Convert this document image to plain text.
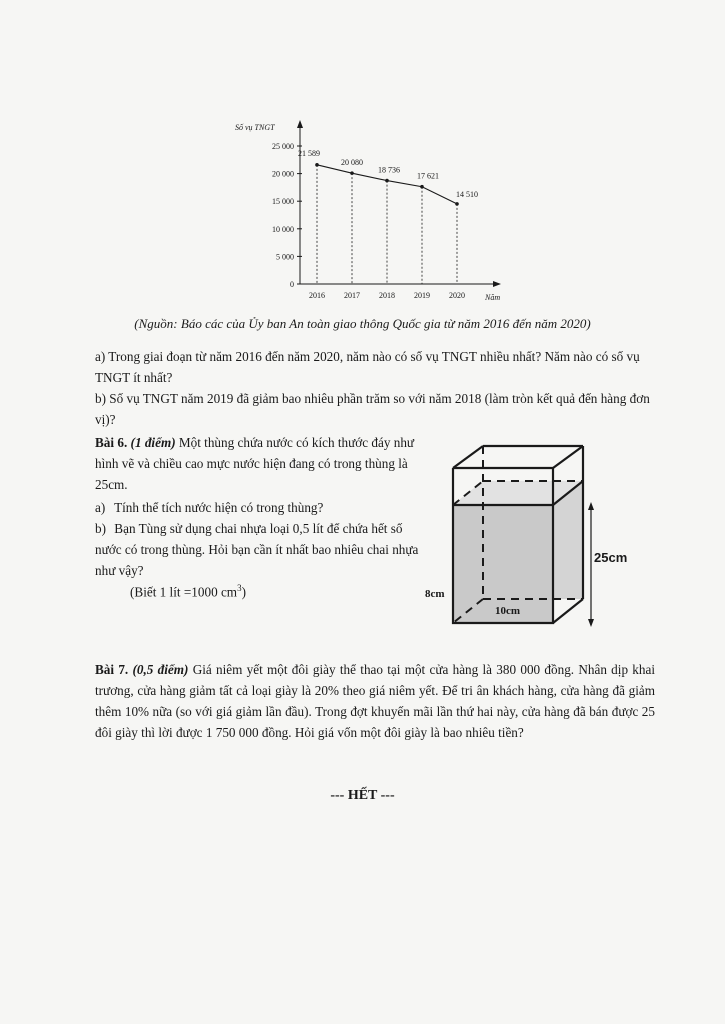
Số vụ TNGT
Năm
0
5 000
10 000
15 000
20 000
25 000
2016 2017 2018 2019 2020
21 589
20 080
18 736
17 621
14 510
(Nguồn: Báo các của Ủy ban An toàn giao thông Quốc gia từ năm 2016 đến năm 2020)
a) Trong giai đoạn từ năm 2016 đến năm 2020, năm nào có số vụ TNGT nhiều nhất? Năm nào có số vụ TNGT ít nhất?
b) Số vụ TNGT năm 2019 đã giảm bao nhiêu phần trăm so với năm 2018 (làm tròn kết quả đến hàng đơn vị)?
Bài 6. (1 điểm) Một thùng chứa nước có kích thước đáy như hình vẽ và chiều cao mực nước hiện đang có trong thùng là 25cm.
a) Tính thể tích nước hiện có trong thùng?
b) Bạn Tùng sử dụng chai nhựa loại 0,5 lít để chứa hết số nước có trong thùng. Hỏi bạn cần ít nhất bao nhiêu chai nhựa như vậy?
(Biết 1 lít =1000 $cm^3$)
25cm
8cm
10cm
Bài 7. (0,5 điểm) Giá niêm yết một đôi giày thể thao tại một cửa hàng là 380 000 đồng. Nhân dịp khai trương, cửa hàng giảm tất cả loại giày là 20% theo giá niêm yết. Để tri ân khách hàng, cửa hàng đã giảm thêm 10% nữa (so với giá giảm lần đầu). Trong đợt khuyến mãi lần thứ hai này, cửa hàng đã bán được 25 đôi giày thì lời được 1 750 000 đồng. Hỏi giá vốn một đôi giày là bao nhiêu tiền?
--- HẾT ---
